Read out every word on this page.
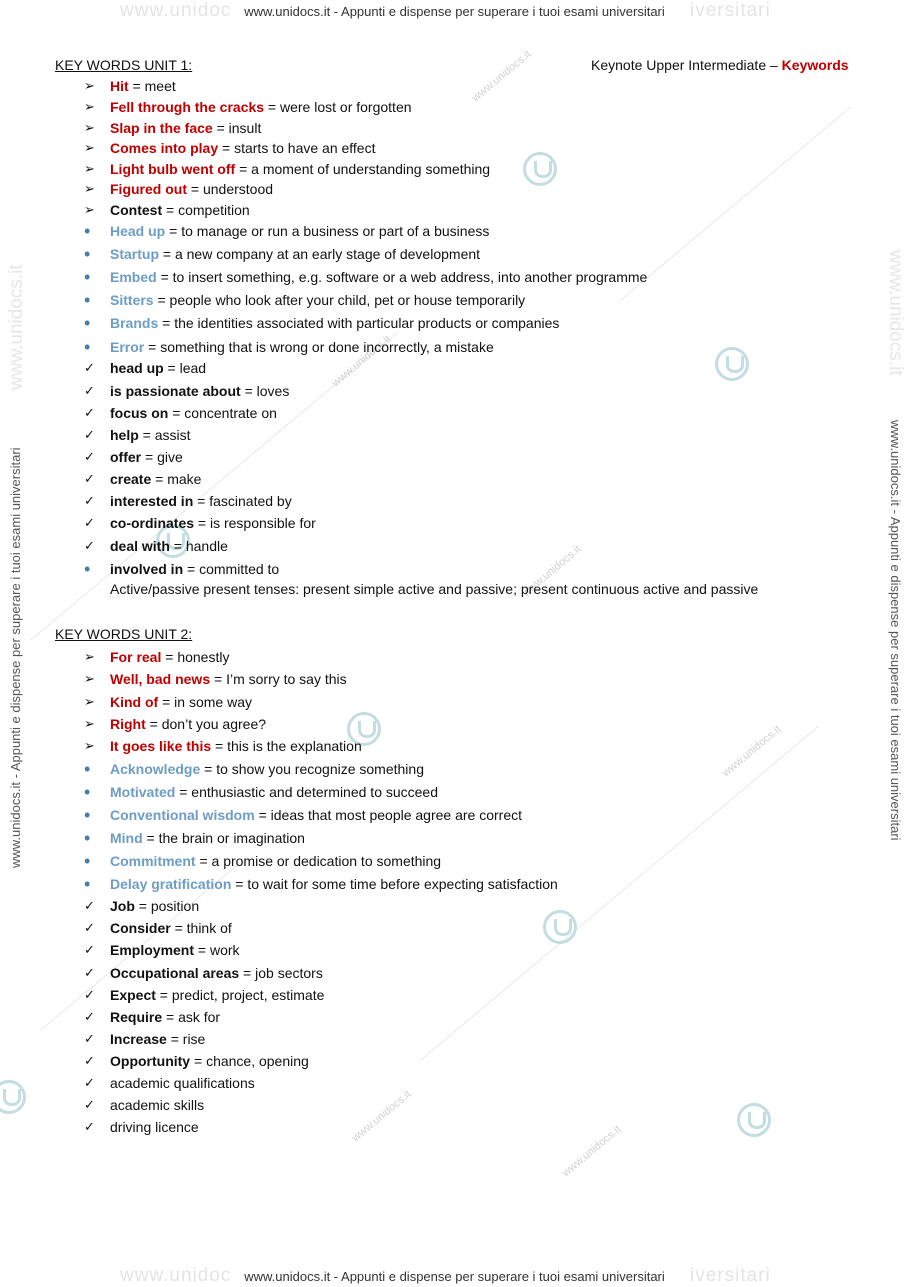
www.unidocs.it
www.unidocs.it
www.unidocs.it
www.unidocs.it
www.unidocs.it
www.unidocs.it
www.unidoc	iversitari
www.unidocs.it - Appunti e dispense per superare i tuoi esami universitari
www.unidoc	iversitari
www.unidocs.it - Appunti e dispense per superare i tuoi esami universitari
www.unidocs.it - Appunti e dispense per superare i tuoi esami universitari
www.unidocs.it
www.unidocs.it - Appunti e dispense per superare i tuoi esami universitari
www.unidocs.it
Keynote Upper Intermediate – Keywords
KEY WORDS UNIT 1:
➢	Hit = meet
➢	Fell through the cracks = were lost or forgotten
➢	Slap in the face = insult
➢	Comes into play = starts to have an effect
➢	Light bulb went off = a moment of understanding something
➢	Figured out = understood
➢	Contest = competition
•	Head up = to manage or run a business or part of a business
•	Startup = a new company at an early stage of development
•	Embed = to insert something, e.g. software or a web address, into another programme
•	Sitters = people who look after your child, pet or house temporarily
•	Brands = the identities associated with particular products or companies
•	Error = something that is wrong or done incorrectly, a mistake
✓	head up = lead
✓	is passionate about = loves
✓	focus on = concentrate on
✓	help = assist
✓	offer = give
✓	create = make
✓	interested in = fascinated by
✓	co-ordinates = is responsible for
✓	deal with = handle
•	involved in = committed to
Active/passive present tenses: present simple active and passive; present continuous active and passive
KEY WORDS UNIT 2:
➢	For real = honestly
➢	Well, bad news = I’m sorry to say this
➢	Kind of = in some way
➢	Right = don’t you agree?
➢	It goes like this = this is the explanation
•	Acknowledge = to show you recognize something
•	Motivated = enthusiastic and determined to succeed
•	Conventional wisdom = ideas that most people agree are correct
•	Mind = the brain or imagination
•	Commitment = a promise or dedication to something
•	Delay gratification = to wait for some time before expecting satisfaction
✓	Job = position
✓	Consider = think of
✓	Employment = work
✓	Occupational areas = job sectors
✓	Expect = predict, project, estimate
✓	Require = ask for
✓	Increase = rise
✓	Opportunity = chance, opening
✓	academic qualifications
✓	academic skills
✓	driving licence
